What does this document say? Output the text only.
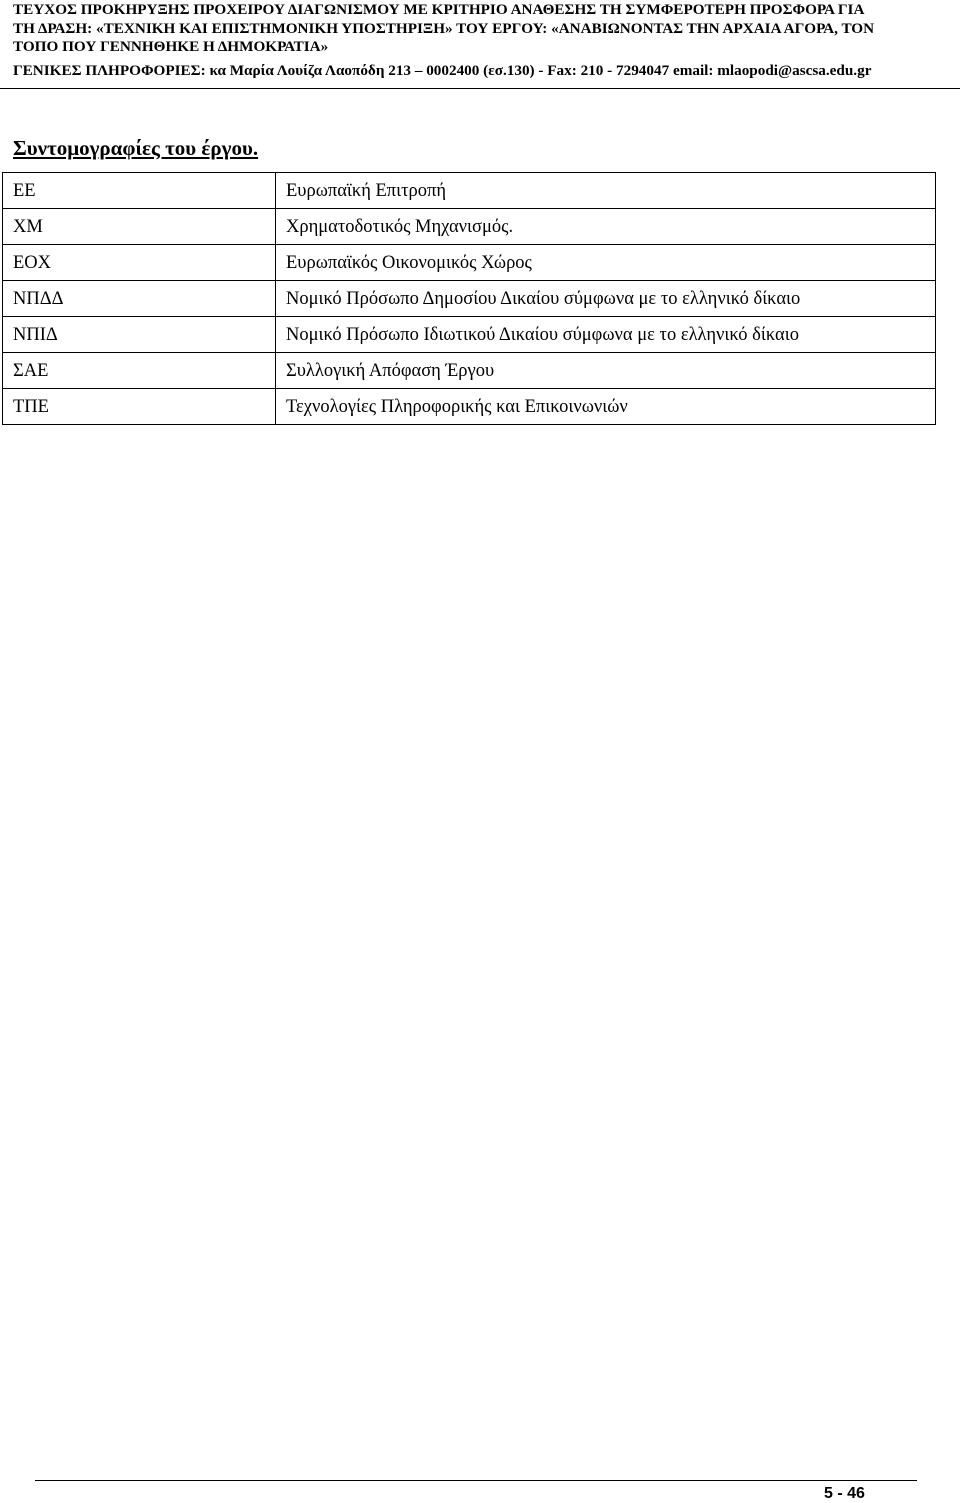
ΤΕΥΧΟΣ ΠΡΟΚΗΡΥΞΗΣ ΠΡΟΧΕΙΡΟΥ ΔΙΑΓΩΝΙΣΜΟΥ ΜΕ ΚΡΙΤΗΡΙΟ ΑΝΑΘΕΣΗΣ ΤΗ ΣΥΜΦΕΡΟΤΕΡΗ ΠΡΟΣΦΟΡΑ ΓΙΑ
ΤΗ ΔΡΑΣΗ: «ΤΕΧΝΙΚΗ ΚΑΙ ΕΠΙΣΤΗΜΟΝΙΚΗ ΥΠΟΣΤΗΡΙΞΗ» ΤΟΥ ΕΡΓΟΥ: «ΑΝΑΒΙΩΝΟΝΤΑΣ ΤΗΝ ΑΡΧΑΙΑ ΑΓΟΡΑ, ΤΟΝ
ΤΟΠΟ ΠΟΥ ΓΕΝΝΗΘΗΚΕ Η ΔΗΜΟΚΡΑΤΙΑ»
ΓΕΝΙΚΕΣ ΠΛΗΡΟΦΟΡΙΕΣ: κα Μαρία Λουίζα Λαοπόδη 213 – 0002400 (εσ.130) - Fax: 210 - 7294047 email: mlaopodi@ascsa.edu.gr
Συντομογραφίες του έργου.
ΕΕ	Ευρωπαϊκή Επιτροπή
ΧΜ	Χρηματοδοτικός Μηχανισμός.
ΕΟΧ	Ευρωπαϊκός Οικονομικός Χώρος
ΝΠΔΔ	Νομικό Πρόσωπο Δημοσίου Δικαίου σύμφωνα με το ελληνικό δίκαιο
ΝΠΙΔ	Νομικό Πρόσωπο Ιδιωτικού Δικαίου σύμφωνα με το ελληνικό δίκαιο
ΣΑΕ	Συλλογική Απόφαση Έργου
ΤΠΕ	Τεχνολογίες Πληροφορικής και Επικοινωνιών
5 - 46
